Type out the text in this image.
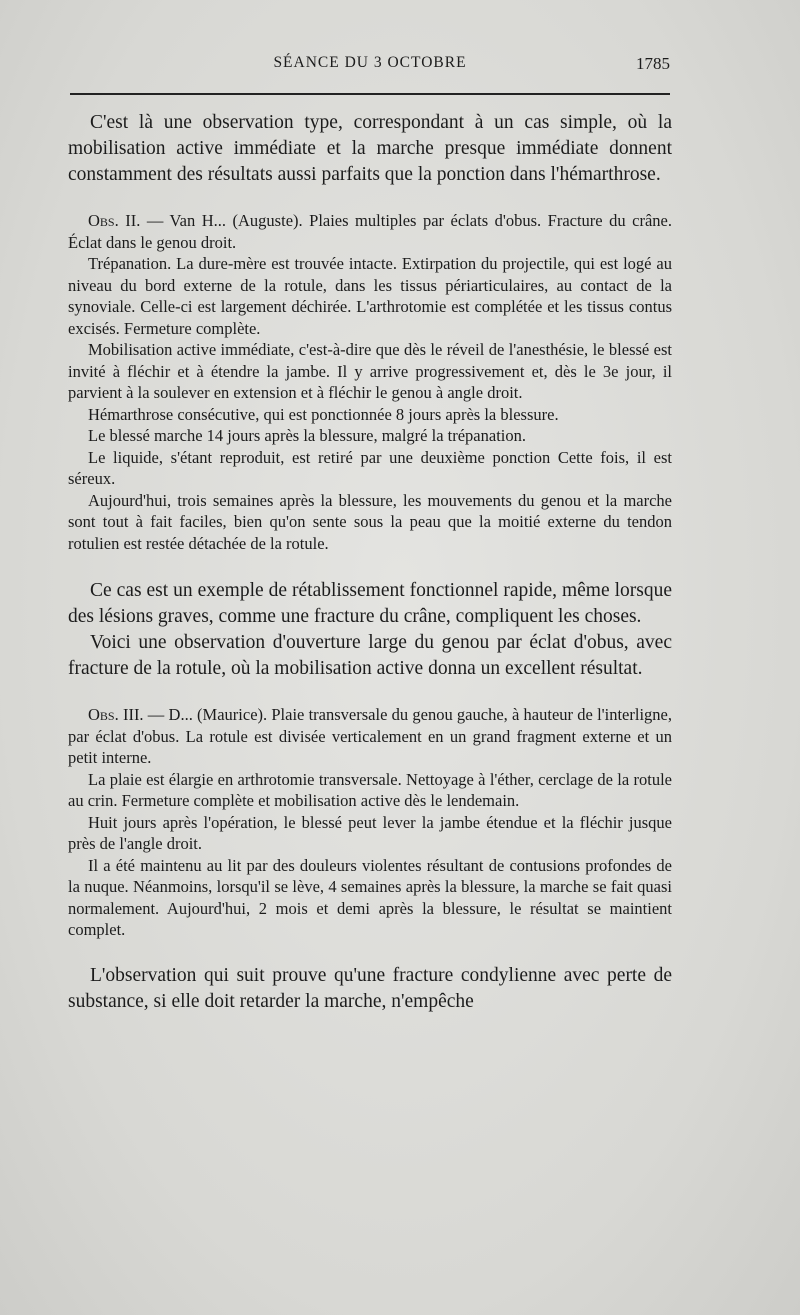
SÉANCE DU 3 OCTOBRE	1785

C'est là une observation type, correspondant à un cas simple, où la mobilisation active immédiate et la marche presque immédiate donnent constamment des résultats aussi parfaits que la ponction dans l'hémarthrose.

Obs. II. — Van H... (Auguste). Plaies multiples par éclats d'obus. Fracture du crâne. Éclat dans le genou droit.

Trépanation. La dure-mère est trouvée intacte. Extirpation du projectile, qui est logé au niveau du bord externe de la rotule, dans les tissus périarticulaires, au contact de la synoviale. Celle-ci est largement déchirée. L'arthrotomie est complétée et les tissus contus excisés. Fermeture complète.

Mobilisation active immédiate, c'est-à-dire que dès le réveil de l'anesthésie, le blessé est invité à fléchir et à étendre la jambe. Il y arrive progressivement et, dès le 3e jour, il parvient à la soulever en extension et à fléchir le genou à angle droit.

Hémarthrose consécutive, qui est ponctionnée 8 jours après la blessure.

Le blessé marche 14 jours après la blessure, malgré la trépanation.

Le liquide, s'étant reproduit, est retiré par une deuxième ponction Cette fois, il est séreux.

Aujourd'hui, trois semaines après la blessure, les mouvements du genou et la marche sont tout à fait faciles, bien qu'on sente sous la peau que la moitié externe du tendon rotulien est restée détachée de la rotule.

Ce cas est un exemple de rétablissement fonctionnel rapide, même lorsque des lésions graves, comme une fracture du crâne, compliquent les choses.

Voici une observation d'ouverture large du genou par éclat d'obus, avec fracture de la rotule, où la mobilisation active donna un excellent résultat.

Obs. III. — D... (Maurice). Plaie transversale du genou gauche, à hauteur de l'interligne, par éclat d'obus. La rotule est divisée verticalement en un grand fragment externe et un petit interne.

La plaie est élargie en arthrotomie transversale. Nettoyage à l'éther, cerclage de la rotule au crin. Fermeture complète et mobilisation active dès le lendemain.

Huit jours après l'opération, le blessé peut lever la jambe étendue et la fléchir jusque près de l'angle droit.

Il a été maintenu au lit par des douleurs violentes résultant de contusions profondes de la nuque. Néanmoins, lorsqu'il se lève, 4 semaines après la blessure, la marche se fait quasi normalement. Aujourd'hui, 2 mois et demi après la blessure, le résultat se maintient complet.

L'observation qui suit prouve qu'une fracture condylienne avec perte de substance, si elle doit retarder la marche, n'empêche
